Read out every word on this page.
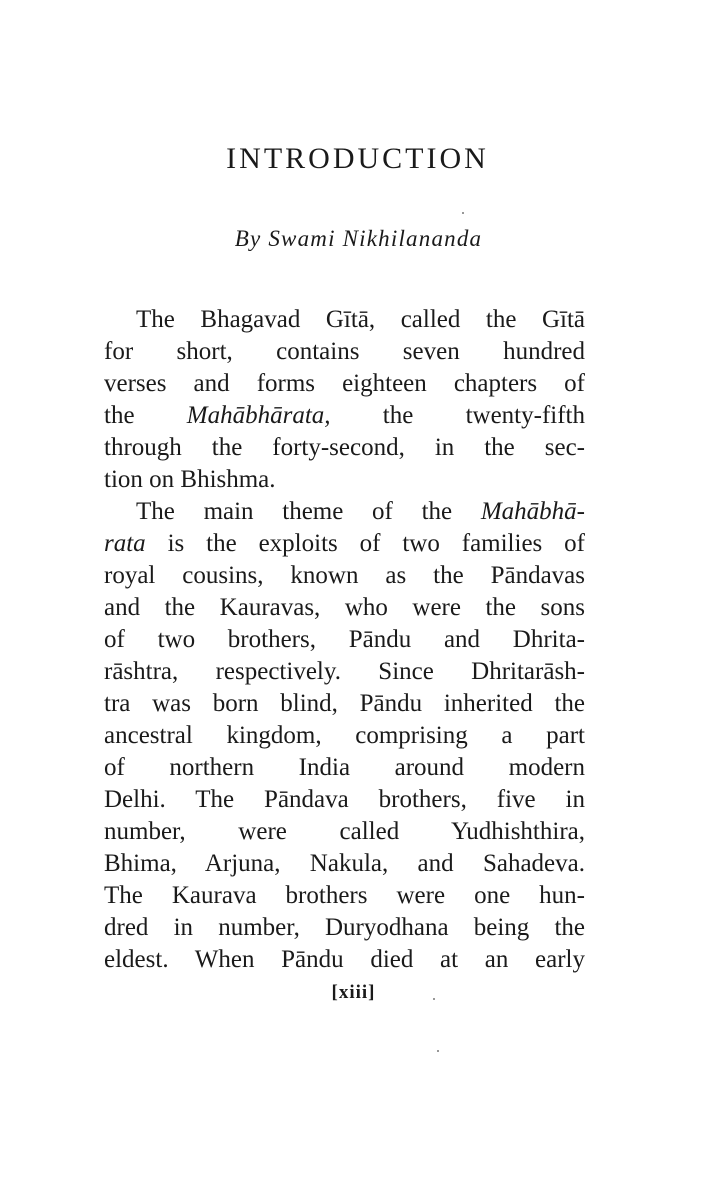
INTRODUCTION
By Swami Nikhilananda
The Bhagavad Gītā, called the Gītā
for short, contains seven hundred
verses and forms eighteen chapters of
the Mahābhārata, the twenty-fifth
through the forty-second, in the sec-
tion on Bhishma.
The main theme of the Mahābhā-
rata is the exploits of two families of
royal cousins, known as the Pāndavas
and the Kauravas, who were the sons
of two brothers, Pāndu and Dhrita-
rāshtra, respectively. Since Dhritarāsh-
tra was born blind, Pāndu inherited the
ancestral kingdom, comprising a part
of northern India around modern
Delhi. The Pāndava brothers, five in
number, were called Yudhishthira,
Bhima, Arjuna, Nakula, and Sahadeva.
The Kaurava brothers were one hun-
dred in number, Duryodhana being the
eldest. When Pāndu died at an early
[xiii]
